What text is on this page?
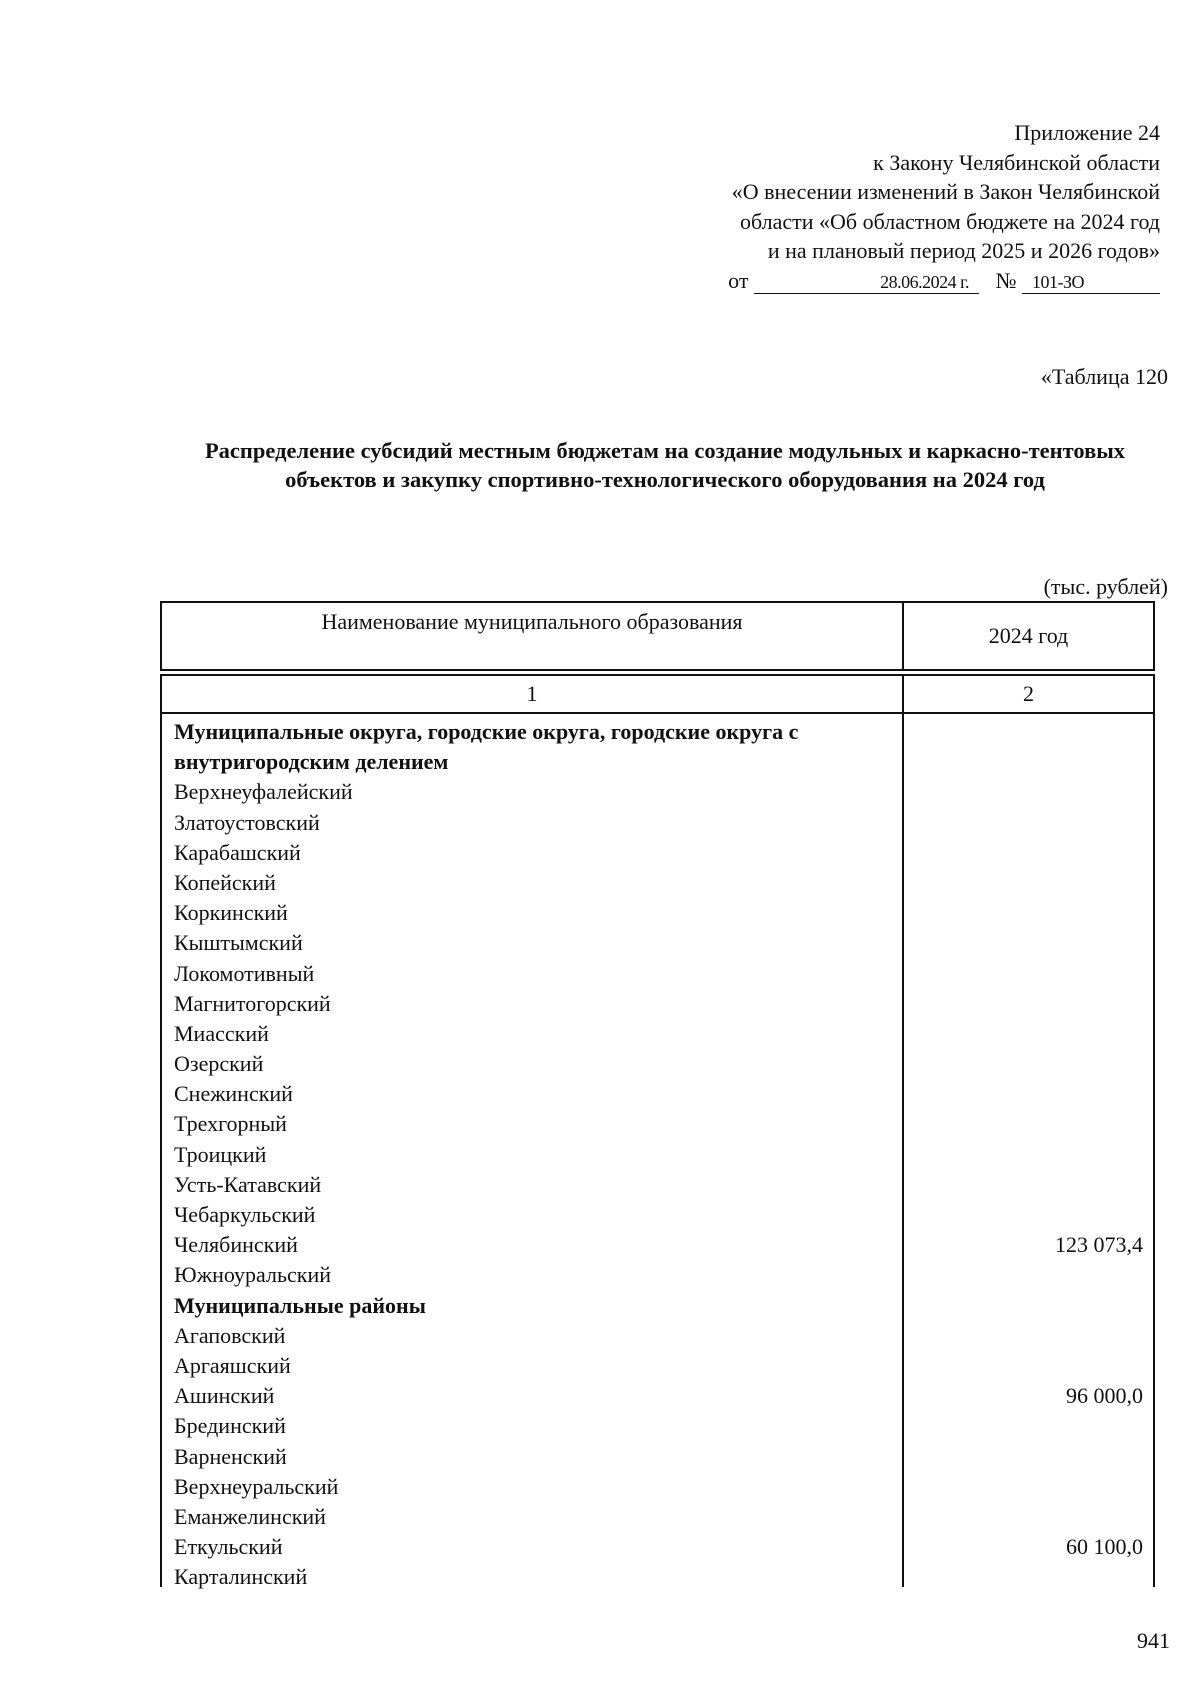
Приложение 24
к Закону Челябинской области
«О внесении изменений в Закон Челябинской
области «Об областном бюджете на 2024 год
и на плановый период 2025 и 2026 годов»
от	28.06.2024 г. № 101-ЗО
«Таблица 120
Распределение субсидий местным бюджетам на создание модульных и каркасно-тентовых объектов и закупку спортивно-технологического оборудования на 2024 год
(тыс. рублей)
Наименование муниципального образования
2024 год
1	2
Муниципальные округа, городские округа, городские округа с внутригородским делением
Верхнеуфалейский
Златоустовский
Карабашский
Копейский
Коркинский
Кыштымский
Локомотивный
Магнитогорский
Миасский
Озерский
Снежинский
Трехгорный
Троицкий
Усть-Катавский
Чебаркульский
Челябинский
Южноуральский
Муниципальные районы
Агаповский
Аргаяшский
Ашинский
Брединский
Варненский
Верхнеуральский
Еманжелинский
Еткульский
Карталинский
123 073,4
96 000,0
60 100,0
941
